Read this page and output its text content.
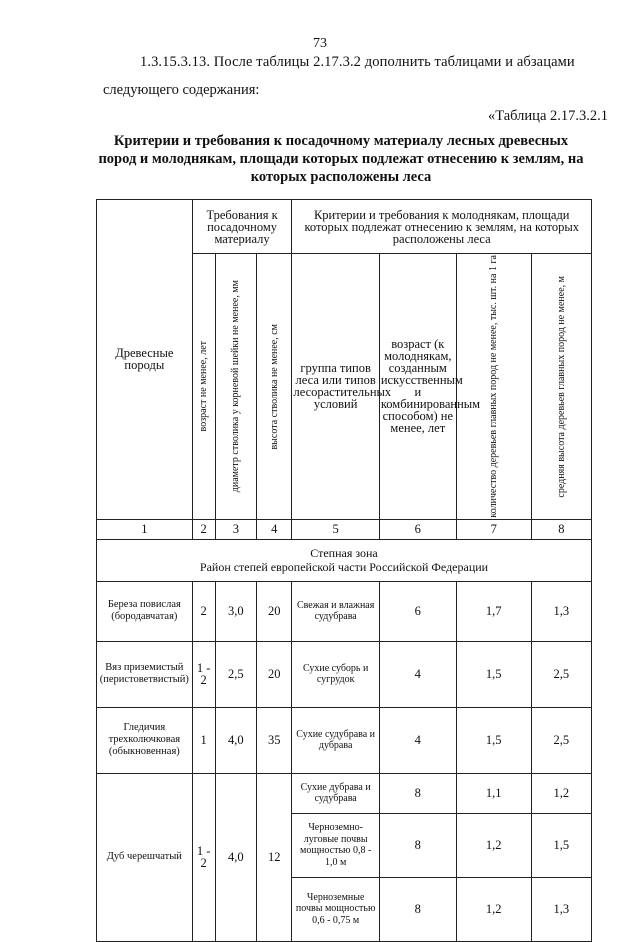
73
1.3.15.3.13. После таблицы 2.17.3.2 дополнить таблицами и абзацами
следующего содержания:
«Таблица 2.17.3.2.1
Критерии и требования к посадочному материалу лесных древесных пород и молоднякам, площади которых подлежат отнесению к землям, на которых расположены леса
Древесные породы	Требования к посадочному материалу			Критерии и требования к молоднякам, площади которых подлежат отнесению к землям, на которых расположены леса			

	возраст не менее, лет	диаметр стволика у корневой шейки не менее, мм	высота стволика не менее, см	группа типов леса или типов лесорастительных условий	возраст (к молоднякам, созданным искусственным и комбинированным способом) не менее, лет	количество деревьев главных пород не менее, тыс. шт. на 1 га	средняя высота деревьев главных пород не менее, м

1	2	3	4	5	6	7	8

Степная зона
Район степей европейской части Российской Федерации							

Береза повислая (бородавчатая)	2	3,0	20	Свежая и влажная судубрава	6	1,7	1,3
Вяз приземистый (перистоветвистый)	1 - 2	2,5	20	Сухие суборь и сугрудок	4	1,5	2,5
Гледичия трехколючковая (обыкновенная)	1	4,0	35	Сухие судубрава и дубрава	4	1,5	2,5
Дуб черешчатый	1 - 2	4,0	12	Сухие дубрава и судубрава	8	1,1	1,2
				Черноземно-луговые почвы мощностью 0,8 - 1,0 м	8	1,2	1,5
				Черноземные почвы мощностью 0,6 - 0,75 м	8	1,2	1,3
